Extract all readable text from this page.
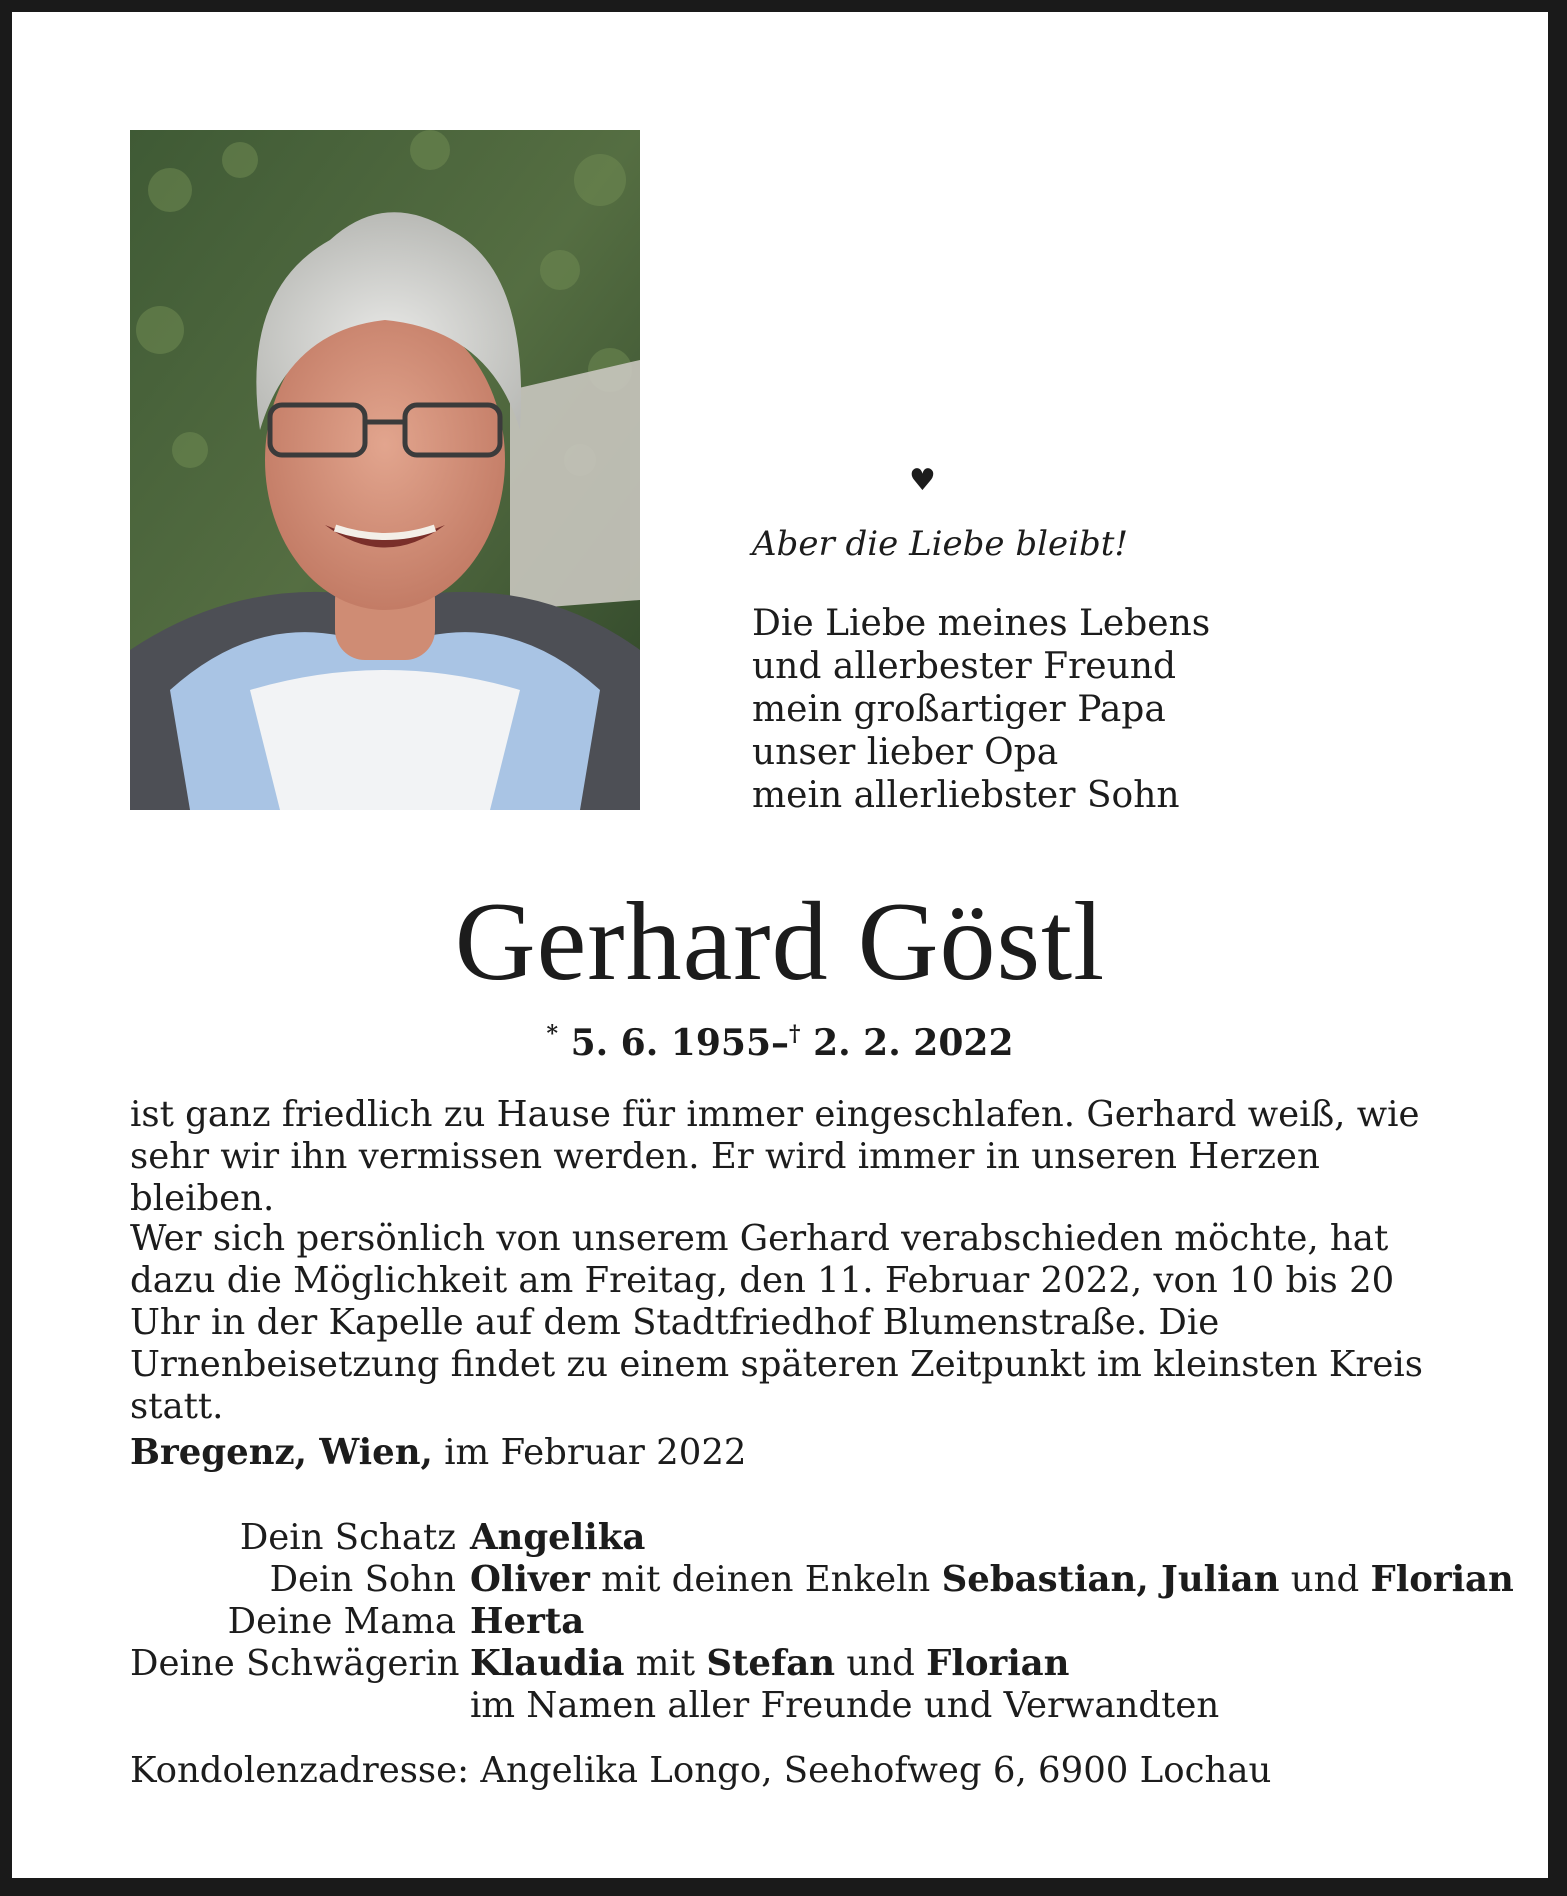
♥
Aber die Liebe bleibt!
Die Liebe meines Lebens
und allerbester Freund
mein großartiger Papa
unser lieber Opa
mein allerliebster Sohn
Gerhard Göstl
* 5. 6. 1955–† 2. 2. 2022

ist ganz friedlich zu Hause für immer eingeschlafen. Gerhard weiß, wie sehr wir ihn vermissen werden. Er wird immer in unseren Herzen bleiben.

Wer sich persönlich von unserem Gerhard verabschieden möchte, hat dazu die Möglichkeit am Freitag, den 11. Februar 2022, von 10 bis 20 Uhr in der Kapelle auf dem Stadtfriedhof Blumenstraße. Die Urnenbeisetzung findet zu einem späteren Zeitpunkt im kleinsten Kreis statt.

Bregenz, Wien, im Februar 2022
Dein Schatz Angelika
Dein Sohn Oliver mit deinen Enkeln Sebastian, Julian und Florian
Deine Mama Herta
Deine Schwägerin Klaudia mit Stefan und Florian
im Namen aller Freunde und Verwandten
Kondolenzadresse: Angelika Longo, Seehofweg 6, 6900 Lochau
